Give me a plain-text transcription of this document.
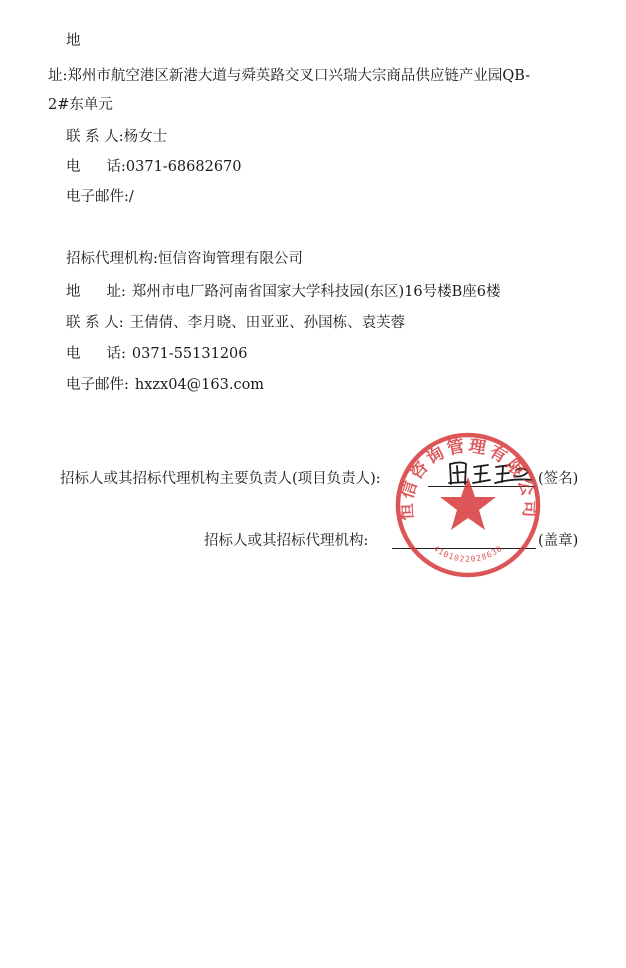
地
址:郑州市航空港区新港大道与舜英路交叉口兴瑞大宗商品供应链产业园QB-
2#东单元
联 系 人:杨女士
电 话:0371-68682670
电子邮件:/
招标代理机构:恒信咨询管理有限公司
地 址: 郑州市电厂路河南省国家大学科技园(东区)16号楼B座6楼
联 系 人: 王倩倩、李月晓、田亚亚、孙国栋、袁芙蓉
电 话: 0371-55131206
电子邮件: hxzx04@163.com
招标人或其招标代理机构主要负责人(项目负责人):	(签名)
招标人或其招标代理机构:	(盖章)
恒信咨询管理有限公司
4101022028630
